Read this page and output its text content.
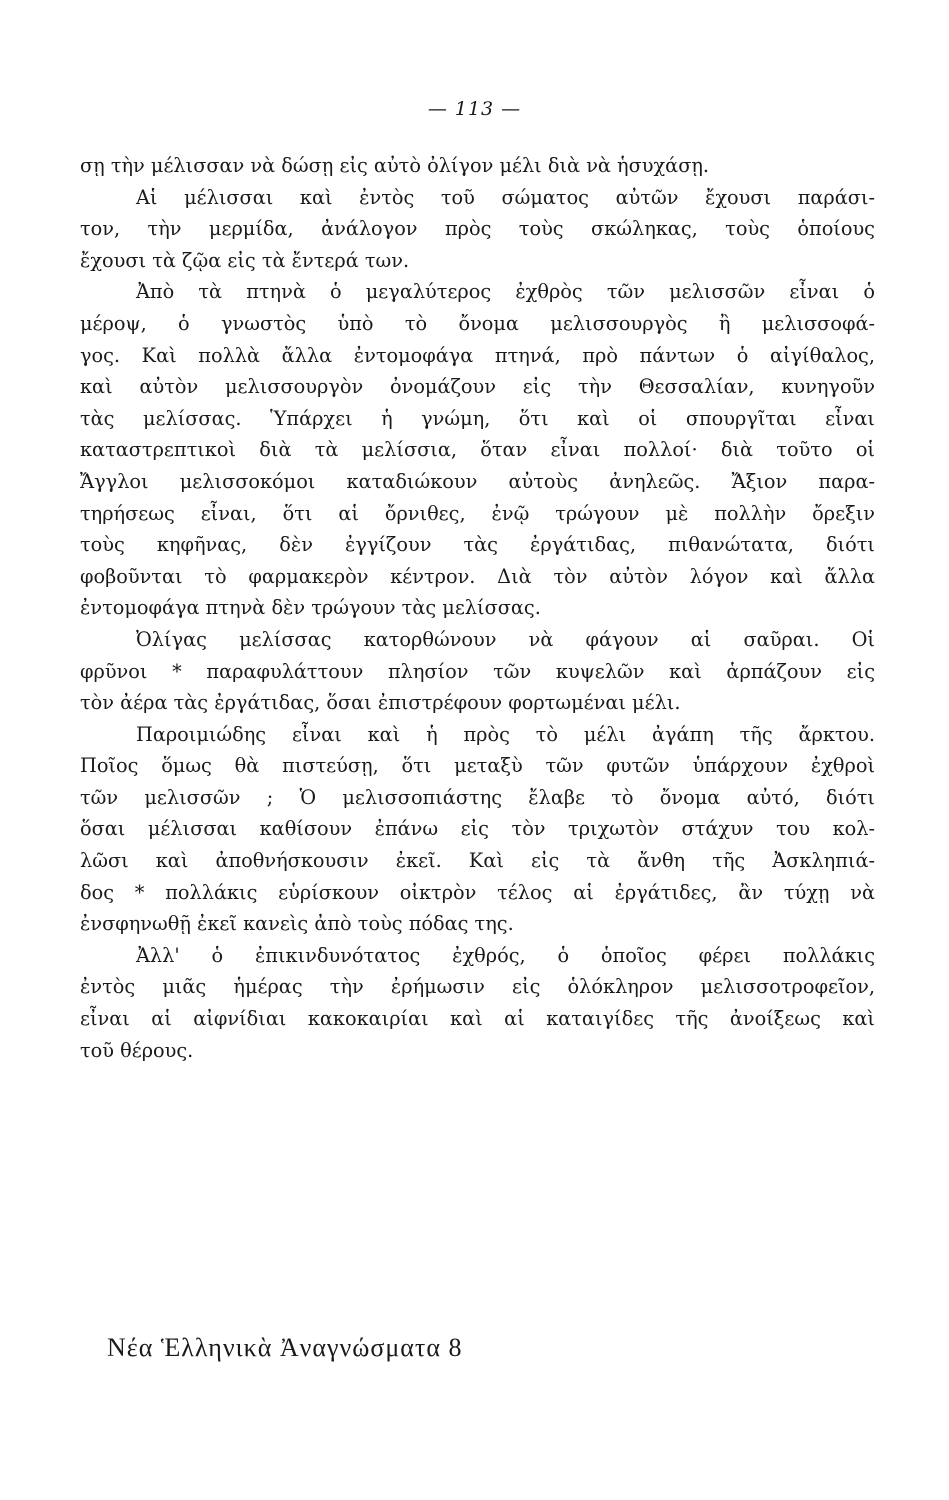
— 113 —
σῃ τὴν μέλισσαν νὰ δώσῃ εἰς αὐτὸ ὀλίγον μέλι διὰ νὰ ἡσυχάσῃ.
Αἱ μέλισσαι καὶ ἐντὸς τοῦ σώματος αὐτῶν ἔχουσι παράσι-
τον, τὴν μερμίδα, ἀνάλογον πρὸς τοὺς σκώληκας, τοὺς ὁποίους
ἔχουσι τὰ ζῷα εἰς τὰ ἔντερά των.
Ἀπὸ τὰ πτηνὰ ὁ μεγαλύτερος ἐχθρὸς τῶν μελισσῶν εἶναι ὁ
μέροψ, ὁ γνωστὸς ὑπὸ τὸ ὄνομα μελισσουργὸς ἢ μελισσοφά-
γος. Καὶ πολλὰ ἄλλα ἐντομοφάγα πτηνά, πρὸ πάντων ὁ αἰγίθαλος,
καὶ αὐτὸν μελισσουργὸν ὀνομάζουν εἰς τὴν Θεσσαλίαν, κυνηγοῦν
τὰς μελίσσας. Ὑπάρχει ἡ γνώμη, ὅτι καὶ οἱ σπουργῖται εἶναι
καταστρεπτικοὶ διὰ τὰ μελίσσια, ὅταν εἶναι πολλοί· διὰ τοῦτο οἱ
Ἄγγλοι μελισσοκόμοι καταδιώκουν αὐτοὺς ἀνηλεῶς. Ἄξιον παρα-
τηρήσεως εἶναι, ὅτι αἱ ὄρνιθες, ἐνῷ τρώγουν μὲ πολλὴν ὄρεξιν
τοὺς κηφῆνας, δὲν ἐγγίζουν τὰς ἐργάτιδας, πιθανώτατα, διότι
φοβοῦνται τὸ φαρμακερὸν κέντρον. Διὰ τὸν αὐτὸν λόγον καὶ ἄλλα
ἐντομοφάγα πτηνὰ δὲν τρώγουν τὰς μελίσσας.
Ὀλίγας μελίσσας κατορθώνουν νὰ φάγουν αἱ σαῦραι. Οἱ
φρῦνοι * παραφυλάττουν πλησίον τῶν κυψελῶν καὶ ἁρπάζουν εἰς
τὸν ἀέρα τὰς ἐργάτιδας, ὅσαι ἐπιστρέφουν φορτωμέναι μέλι.
Παροιμιώδης εἶναι καὶ ἡ πρὸς τὸ μέλι ἀγάπη τῆς ἄρκτου.
Ποῖος ὅμως θὰ πιστεύσῃ, ὅτι μεταξὺ τῶν φυτῶν ὑπάρχουν ἐχθροὶ
τῶν μελισσῶν ; Ὁ μελισσοπιάστης ἔλαβε τὸ ὄνομα αὐτό, διότι
ὅσαι μέλισσαι καθίσουν ἐπάνω εἰς τὸν τριχωτὸν στάχυν του κολ-
λῶσι καὶ ἀποθνήσκουσιν ἐκεῖ. Καὶ εἰς τὰ ἄνθη τῆς Ἀσκληπιά-
δος * πολλάκις εὑρίσκουν οἰκτρὸν τέλος αἱ ἐργάτιδες, ἂν τύχῃ νὰ
ἐνσφηνωθῇ ἐκεῖ κανεὶς ἀπὸ τοὺς πόδας της.
Ἀλλ' ὁ ἐπικινδυνότατος ἐχθρός, ὁ ὁποῖος φέρει πολλάκις
ἐντὸς μιᾶς ἡμέρας τὴν ἐρήμωσιν εἰς ὁλόκληρον μελισσοτροφεῖον,
εἶναι αἱ αἰφνίδιαι κακοκαιρίαι καὶ αἱ καταιγίδες τῆς ἀνοίξεως καὶ
τοῦ θέρους.
Νέα Ἑλληνικὰ Ἀναγνώσματα 8
